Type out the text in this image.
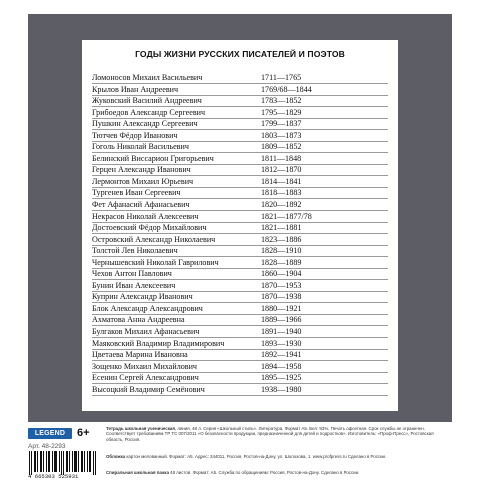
ГОДЫ ЖИЗНИ РУССКИХ ПИСАТЕЛЕЙ И ПОЭТОВ
Ломоносов Михаил Васильевич	1711—1765
Крылов Иван Андреевич	1769/68—1844
Жуковский Василий Андреевич	1783—1852
Грибоедов Александр Сергеевич	1795—1829
Пушкин Александр Сергеевич	1799—1837
Тютчев Фёдор Иванович	1803—1873
Гоголь Николай Васильевич	1809—1852
Белинский Виссарион Григорьевич	1811—1848
Герцен Александр Иванович	1812—1870
Лермонтов Михаил Юрьевич	1814—1841
Тургенев Иван Сергеевич	1818—1883
Фет Афанасий Афанасьевич	1820—1892
Некрасов Николай Алексеевич	1821—1877/78
Достоевский Фёдор Михайлович	1821—1881
Островский Александр Николаевич	1823—1886
Толстой Лев Николаевич	1828—1910
Чернышевский Николай Гаврилович	1828—1889
Чехов Антон Павлович	1860—1904
Бунин Иван Алексеевич	1870—1953
Куприн Александр Иванович	1870—1938
Блок Александр Александрович	1880—1921
Ахматова Анна Андреевна	1889—1966
Булгаков Михаил Афанасьевич	1891—1940
Маяковский Владимир Владимирович	1893—1930
Цветаева Марина Ивановна	1892—1941
Зощенко Михаил Михайлович	1894—1958
Есенин Сергей Александрович	1895—1925
Высоцкий Владимир Семёнович	1938—1980
LEGEND 6+
Арт. 48-2293
4 665303 525931
Тетрадь школьная ученическая, линия, 48 л. Серия «Школьный стиль». Литература. Формат А5. Бел: 93%. Печать офсетная. Срок службы не ограничен. Соответствует требованиям ТР ТС 007/2011 «О безопасности продукции, предназначенной для детей и подростков». Изготовитель: «Проф-Пресс», Ростовская область, Россия.
Обложка картон мелованный. Формат: А5. Адрес: 344011, Россия, Ростов-на-Дону, ул. Шолохова, 1. www.profpress.ru Сделано в России.
Спиральная школьная пачка 48 листов. Формат: А5. Служба по обращениям: Россия, Ростов-на-Дону. Сделано в России.
